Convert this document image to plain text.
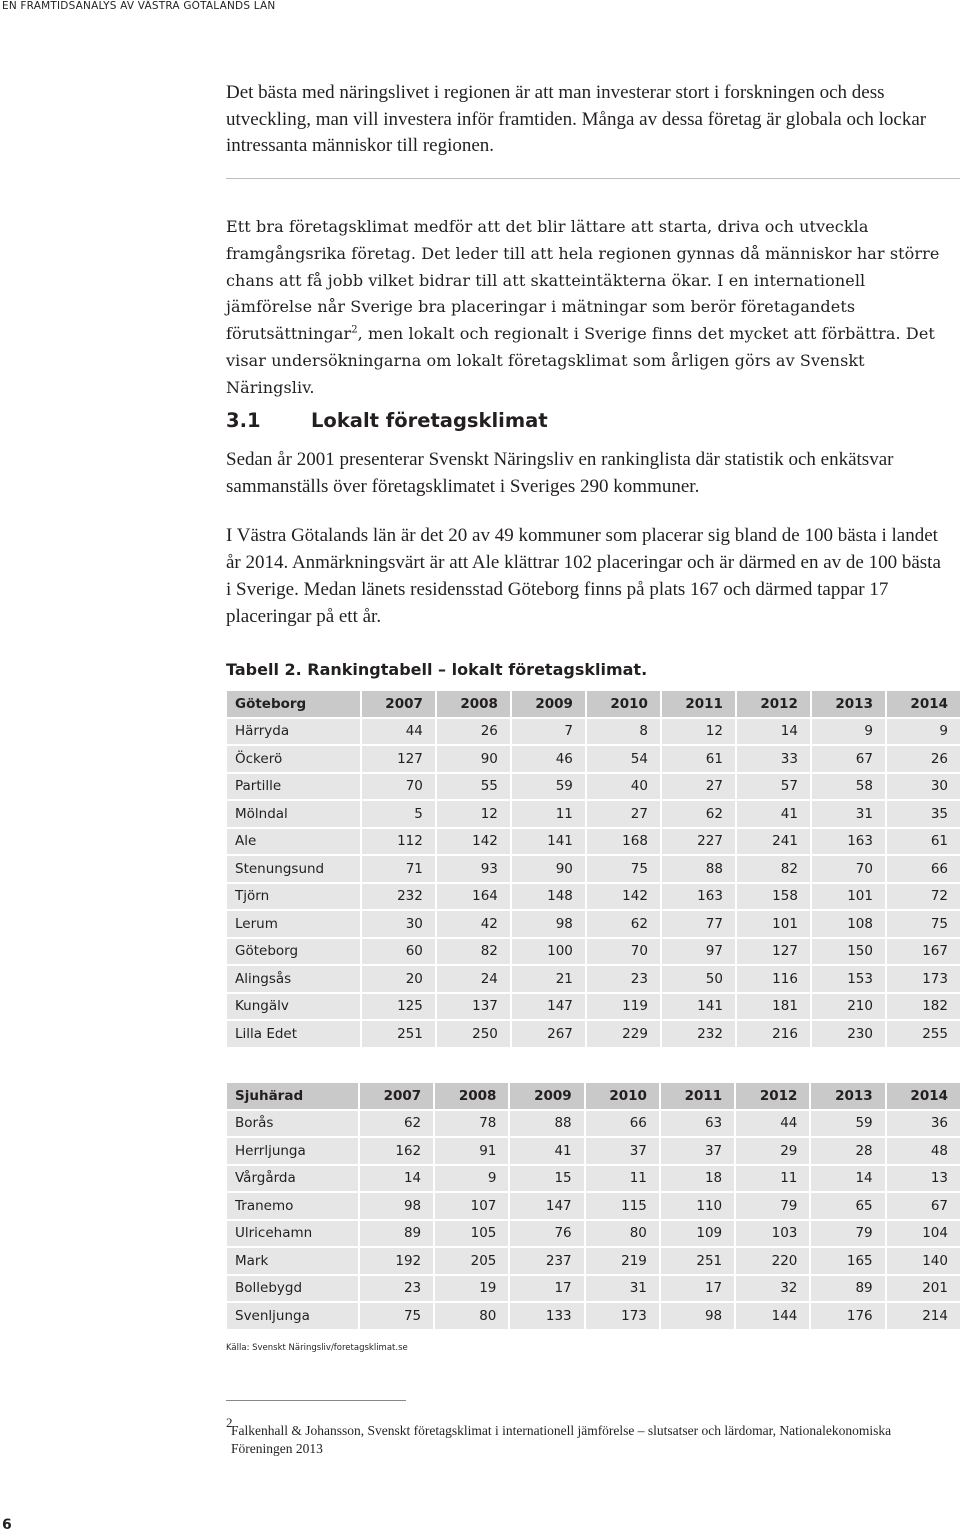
EN FRAMTIDSANALYS AV VÄSTRA GÖTALANDS LÄN

Det bästa med näringslivet i regionen är att man investerar stort i forskningen och dess utveckling, man vill investera inför framtiden. Många av dessa företag är globala och lockar intressanta människor till regionen.

Ett bra företagsklimat medför att det blir lättare att starta, driva och utveckla framgångsrika företag. Det leder till att hela regionen gynnas då människor har större chans att få jobb vilket bidrar till att skatteintäkterna ökar. I en internationell jämförelse når Sverige bra placeringar i mätningar som berör företagandets förutsättningar$^2$, men lokalt och regionalt i Sverige finns det mycket att förbättra. Det visar undersökningarna om lokalt företagsklimat som årligen görs av Svenskt Näringsliv.

3.1	Lokalt företagsklimat

Sedan år 2001 presenterar Svenskt Näringsliv en rankinglista där statistik och enkätsvar sammanställs över företagsklimatet i Sveriges 290 kommuner.

I Västra Götalands län är det 20 av 49 kommuner som placerar sig bland de 100 bästa i landet år 2014. Anmärkningsvärt är att Ale klättrar 102 placeringar och är därmed en av de 100 bästa i Sverige. Medan länets residensstad Göteborg finns på plats 167 och därmed tappar 17 placeringar på ett år.

Tabell 2. Rankingtabell – lokalt företagsklimat.

Göteborg	2007	2008	2009	2010	2011	2012	2013	2014
Härryda	44	26	7	8	12	14	9	9
Öckerö	127	90	46	54	61	33	67	26
Partille	70	55	59	40	27	57	58	30
Mölndal	5	12	11	27	62	41	31	35
Ale	112	142	141	168	227	241	163	61
Stenungsund	71	93	90	75	88	82	70	66
Tjörn	232	164	148	142	163	158	101	72
Lerum	30	42	98	62	77	101	108	75
Göteborg	60	82	100	70	97	127	150	167
Alingsås	20	24	21	23	50	116	153	173
Kungälv	125	137	147	119	141	181	210	182
Lilla Edet	251	250	267	229	232	216	230	255
Sjuhärad	2007	2008	2009	2010	2011	2012	2013	2014
Borås	62	78	88	66	63	44	59	36
Herrljunga	162	91	41	37	37	29	28	48
Vårgårda	14	9	15	11	18	11	14	13
Tranemo	98	107	147	115	110	79	65	67
Ulricehamn	89	105	76	80	109	103	79	104
Mark	192	205	237	219	251	220	165	140
Bollebygd	23	19	17	31	17	32	89	201
Svenljunga	75	80	133	173	98	144	176	214

Källa: Svenskt Näringsliv/foretagsklimat.se

2
Falkenhall & Johansson, Svenskt företagsklimat i internationell jämförelse – slutsatser och lärdomar, Nationalekonomiska Föreningen 2013

6
